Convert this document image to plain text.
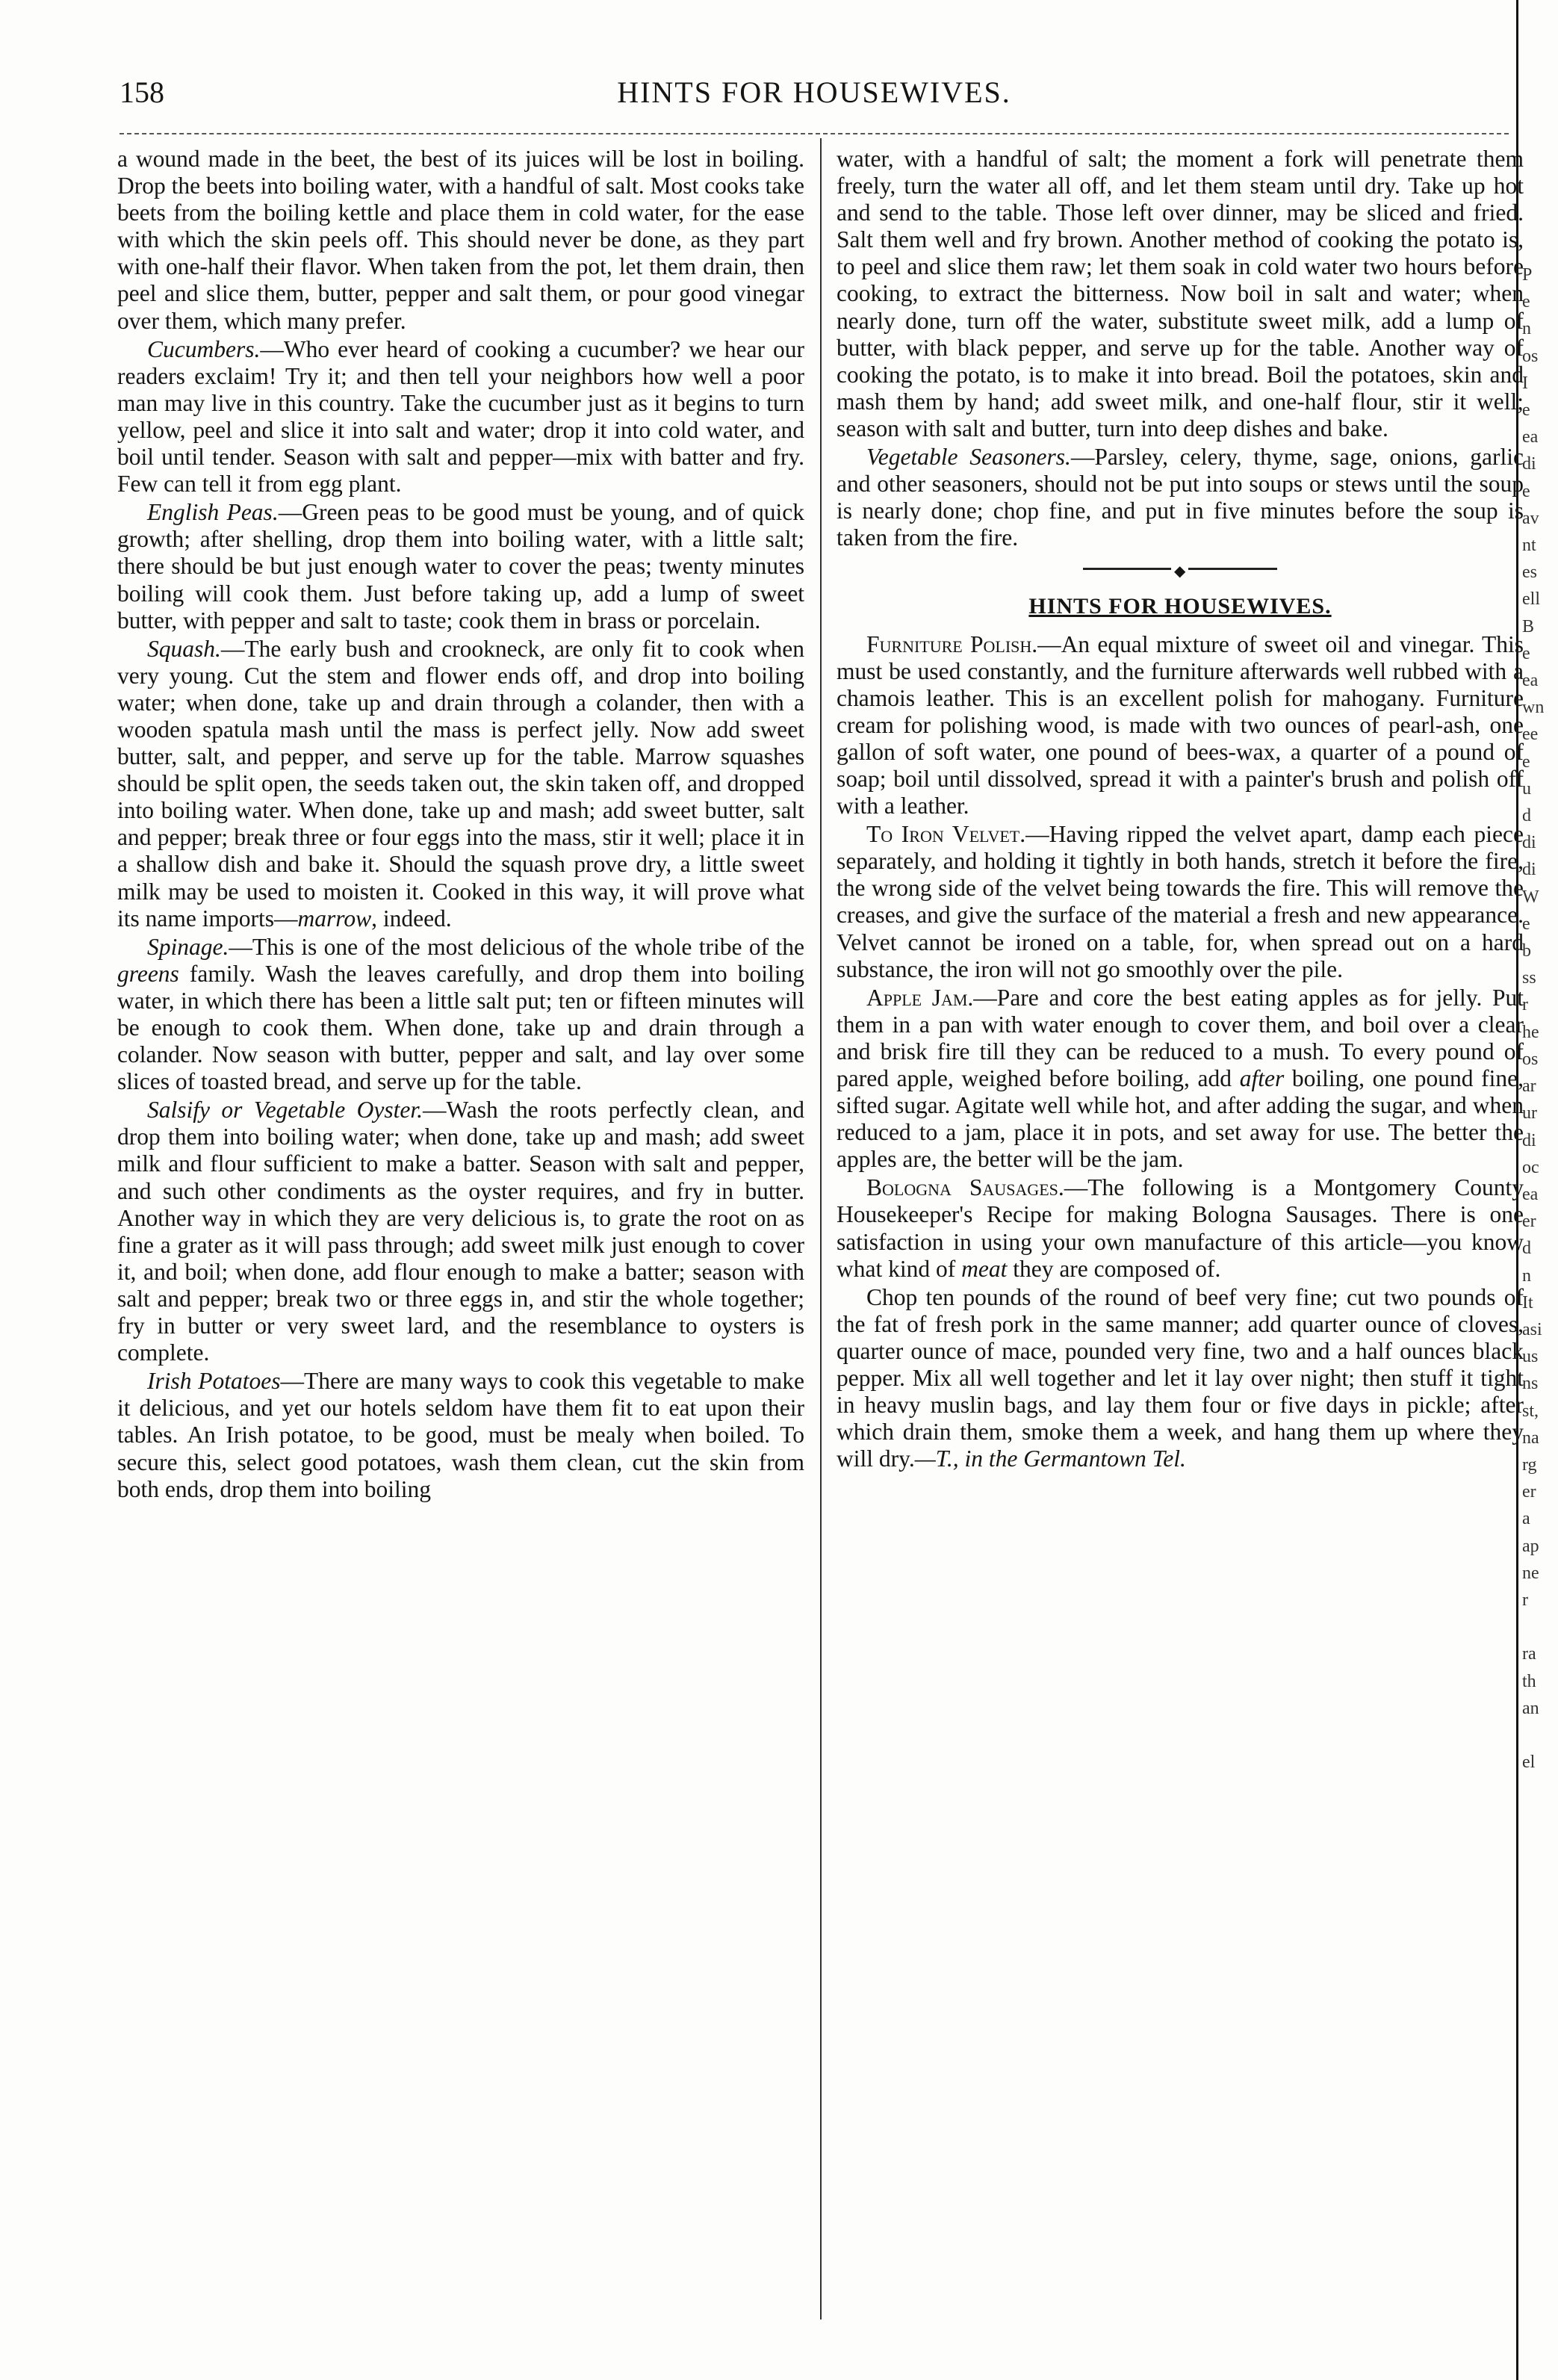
158	HINTS FOR HOUSEWIVES.

a wound made in the beet, the best of its juices will be lost in boiling. Drop the beets into boiling water, with a handful of salt. Most cooks take beets from the boiling kettle and place them in cold water, for the ease with which the skin peels off. This should never be done, as they part with one-half their flavor. When taken from the pot, let them drain, then peel and slice them, butter, pepper and salt them, or pour good vinegar over them, which many prefer.

Cucumbers.—Who ever heard of cooking a cucumber? we hear our readers exclaim! Try it; and then tell your neighbors how well a poor man may live in this country. Take the cucumber just as it begins to turn yellow, peel and slice it into salt and water; drop it into cold water, and boil until tender. Season with salt and pepper—mix with batter and fry. Few can tell it from egg plant.

English Peas.—Green peas to be good must be young, and of quick growth; after shelling, drop them into boiling water, with a little salt; there should be but just enough water to cover the peas; twenty minutes boiling will cook them. Just before taking up, add a lump of sweet butter, with pepper and salt to taste; cook them in brass or porcelain.

Squash.—The early bush and crookneck, are only fit to cook when very young. Cut the stem and flower ends off, and drop into boiling water; when done, take up and drain through a colander, then with a wooden spatula mash until the mass is perfect jelly. Now add sweet butter, salt, and pepper, and serve up for the table. Marrow squashes should be split open, the seeds taken out, the skin taken off, and dropped into boiling water. When done, take up and mash; add sweet butter, salt and pepper; break three or four eggs into the mass, stir it well; place it in a shallow dish and bake it. Should the squash prove dry, a little sweet milk may be used to moisten it. Cooked in this way, it will prove what its name imports—marrow, indeed.

Spinage.—This is one of the most delicious of the whole tribe of the greens family. Wash the leaves carefully, and drop them into boiling water, in which there has been a little salt put; ten or fifteen minutes will be enough to cook them. When done, take up and drain through a colander. Now season with butter, pepper and salt, and lay over some slices of toasted bread, and serve up for the table.

Salsify or Vegetable Oyster.—Wash the roots perfectly clean, and drop them into boiling water; when done, take up and mash; add sweet milk and flour sufficient to make a batter. Season with salt and pepper, and such other condiments as the oyster requires, and fry in butter. Another way in which they are very delicious is, to grate the root on as fine a grater as it will pass through; add sweet milk just enough to cover it, and boil; when done, add flour enough to make a batter; season with salt and pepper; break two or three eggs in, and stir the whole together; fry in butter or very sweet lard, and the resemblance to oysters is complete.

Irish Potatoes—There are many ways to cook this vegetable to make it delicious, and yet our hotels seldom have them fit to eat upon their tables. An Irish potatoe, to be good, must be mealy when boiled. To secure this, select good potatoes, wash them clean, cut the skin from both ends, drop them into boiling

water, with a handful of salt; the moment a fork will penetrate them freely, turn the water all off, and let them steam until dry. Take up hot and send to the table. Those left over dinner, may be sliced and fried. Salt them well and fry brown. Another method of cooking the potato is, to peel and slice them raw; let them soak in cold water two hours before cooking, to extract the bitterness. Now boil in salt and water; when nearly done, turn off the water, substitute sweet milk, add a lump of butter, with black pepper, and serve up for the table. Another way of cooking the potato, is to make it into bread. Boil the potatoes, skin and mash them by hand; add sweet milk, and one-half flour, stir it well; season with salt and butter, turn into deep dishes and bake.

Vegetable Seasoners.—Parsley, celery, thyme, sage, onions, garlic and other seasoners, should not be put into soups or stews until the soup is nearly done; chop fine, and put in five minutes before the soup is taken from the fire.

◆
HINTS FOR HOUSEWIVES.

Furniture Polish.—An equal mixture of sweet oil and vinegar. This must be used constantly, and the furniture afterwards well rubbed with a chamois leather. This is an excellent polish for mahogany. Furniture cream for polishing wood, is made with two ounces of pearl-ash, one gallon of soft water, one pound of bees-wax, a quarter of a pound of soap; boil until dissolved, spread it with a painter's brush and polish off with a leather.

To Iron Velvet.—Having ripped the velvet apart, damp each piece separately, and holding it tightly in both hands, stretch it before the fire, the wrong side of the velvet being towards the fire. This will remove the creases, and give the surface of the material a fresh and new appearance. Velvet cannot be ironed on a table, for, when spread out on a hard substance, the iron will not go smoothly over the pile.

Apple Jam.—Pare and core the best eating apples as for jelly. Put them in a pan with water enough to cover them, and boil over a clear and brisk fire till they can be reduced to a mush. To every pound of pared apple, weighed before boiling, add after boiling, one pound fine, sifted sugar. Agitate well while hot, and after adding the sugar, and when reduced to a jam, place it in pots, and set away for use. The better the apples are, the better will be the jam.

Bologna Sausages.—The following is a Montgomery County Housekeeper's Recipe for making Bologna Sausages. There is one satisfaction in using your own manufacture of this article—you know what kind of meat they are composed of.

Chop ten pounds of the round of beef very fine; cut two pounds of the fat of fresh pork in the same manner; add quarter ounce of cloves, quarter ounce of mace, pounded very fine, two and a half ounces black pepper. Mix all well together and let it lay over night; then stuff it tight in heavy muslin bags, and lay them four or five days in pickle; after which drain them, smoke them a week, and hang them up where they will dry.—T., in the Germantown Tel.

P
e
n
os
I
e
ea
di
e
av
nt
es
ell
B
e
ea
wn
ee
e
u
d
di
di
W
e
b
ss
r
he
os
ar
ur
di
oc
ea
er
d
n
It
asi
us
ns
st,
na
rg
er
a
ap
ne
r

ra
th
an

el
